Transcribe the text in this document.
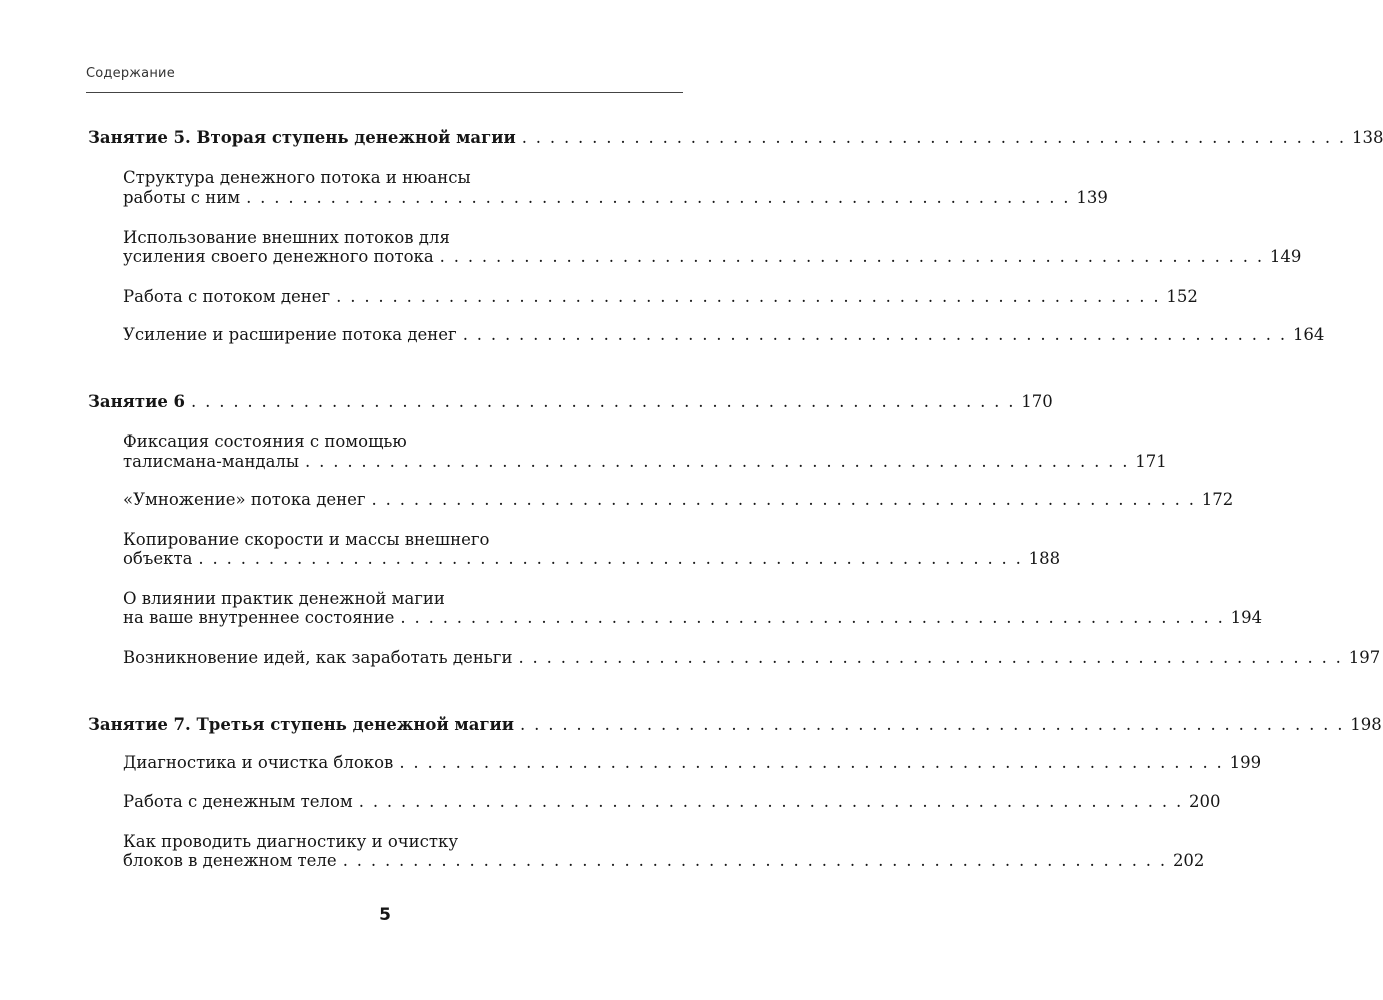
Содержание
Занятие 5. Вторая ступень денежной магии . . . . . . . . . . . . . . . . . . . . . . . . . . . . . . . . . . . . . . . . . . . . . . . . . . . . . . . . . . . 138
Структура денежного потока и нюансы
работы с ним . . . . . . . . . . . . . . . . . . . . . . . . . . . . . . . . . . . . . . . . . . . . . . . . . . . . . . . . . . . 139
Использование внешних потоков для
усиления своего денежного потока . . . . . . . . . . . . . . . . . . . . . . . . . . . . . . . . . . . . . . . . . . . . . . . . . . . . . . . . . . . 149
Работа с потоком денег . . . . . . . . . . . . . . . . . . . . . . . . . . . . . . . . . . . . . . . . . . . . . . . . . . . . . . . . . . . 152
Усиление и расширение потока денег . . . . . . . . . . . . . . . . . . . . . . . . . . . . . . . . . . . . . . . . . . . . . . . . . . . . . . . . . . . 164
Занятие 6 . . . . . . . . . . . . . . . . . . . . . . . . . . . . . . . . . . . . . . . . . . . . . . . . . . . . . . . . . . . 170
Фиксация состояния с помощью
талисмана-мандалы . . . . . . . . . . . . . . . . . . . . . . . . . . . . . . . . . . . . . . . . . . . . . . . . . . . . . . . . . . . 171
«Умножение» потока денег . . . . . . . . . . . . . . . . . . . . . . . . . . . . . . . . . . . . . . . . . . . . . . . . . . . . . . . . . . . 172
Копирование скорости и массы внешнего
объекта . . . . . . . . . . . . . . . . . . . . . . . . . . . . . . . . . . . . . . . . . . . . . . . . . . . . . . . . . . . 188
О влиянии практик денежной магии
на ваше внутреннее состояние . . . . . . . . . . . . . . . . . . . . . . . . . . . . . . . . . . . . . . . . . . . . . . . . . . . . . . . . . . . 194
Возникновение идей, как заработать деньги . . . . . . . . . . . . . . . . . . . . . . . . . . . . . . . . . . . . . . . . . . . . . . . . . . . . . . . . . . . 197
Занятие 7. Третья ступень денежной магии . . . . . . . . . . . . . . . . . . . . . . . . . . . . . . . . . . . . . . . . . . . . . . . . . . . . . . . . . . . 198
Диагностика и очистка блоков . . . . . . . . . . . . . . . . . . . . . . . . . . . . . . . . . . . . . . . . . . . . . . . . . . . . . . . . . . . 199
Работа с денежным телом . . . . . . . . . . . . . . . . . . . . . . . . . . . . . . . . . . . . . . . . . . . . . . . . . . . . . . . . . . . 200
Как проводить диагностику и очистку
блоков в денежном теле . . . . . . . . . . . . . . . . . . . . . . . . . . . . . . . . . . . . . . . . . . . . . . . . . . . . . . . . . . . 202
5
